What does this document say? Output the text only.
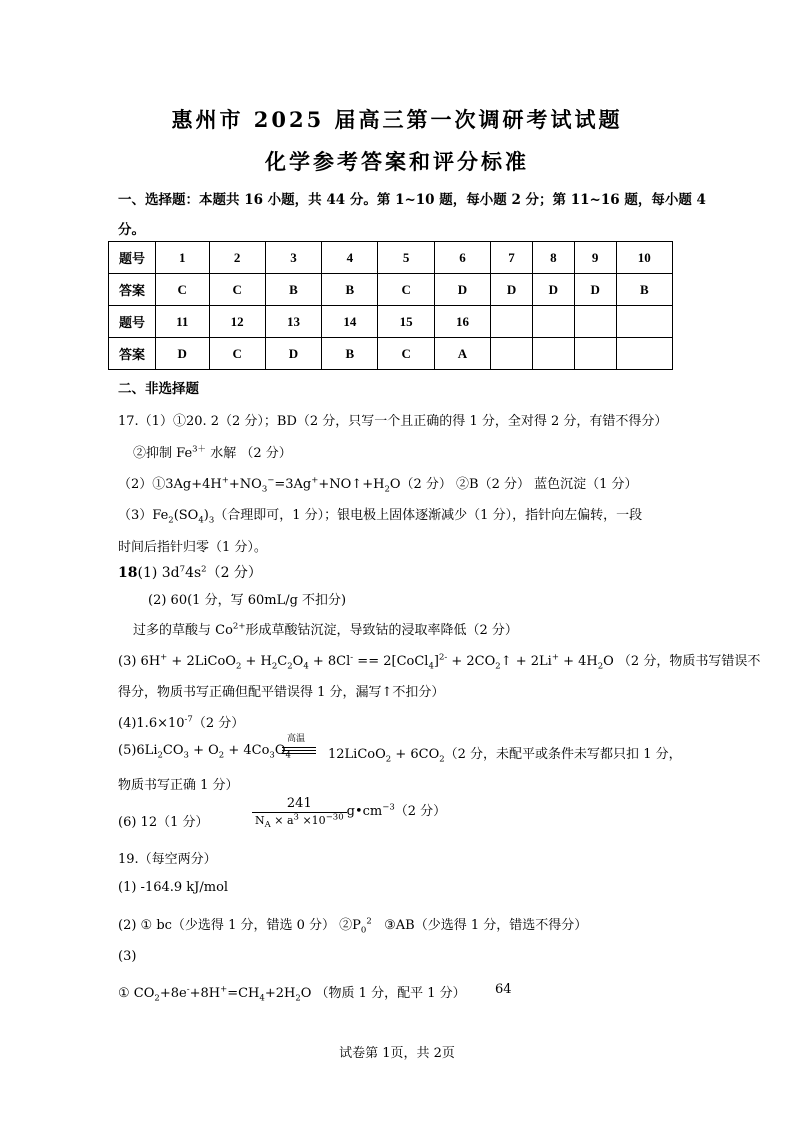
惠州市 2025 届高三第一次调研考试试题
化学参考答案和评分标准
一、选择题：本题共 16 小题，共 44 分。第 1~10 题，每小题 2 分；第 11~16 题，每小题 4
分。
题号	1	2	3	4	5	6	7	8	9	10
答案	C	C	B	B	C	D	D	D	D	B
题号	11	12	13	14	15	16				
答案	D	C	D	B	C	A				
二、非选择题
17.（1）①20. 2（2 分）；BD（2 分，只写一个且正确的得 1 分，全对得 2 分，有错不得分）
②抑制 $Fe^{3+}$ 水解 （2 分）
$(2)①3Ag+4H^++NO_3^-=3Ag^++NO↑+H_2O(2$ 分） ②B（2 分） 蓝色沉淀（1 分）
$(3)Fe_2(SO_4)_3$（合理即可，1 分）；银电极上固体逐渐减少（1 分），指针向左偏转，一段
时间后指针归零（1 分）。
18(1) $3d^74s^2(2$ 分）
(2) 60(1 分，写 60mL/g 不扣分)
过多的草酸与 $Co^{2+}$形成草酸钴沉淀，导致钴的浸取率降低（2 分）
(3) 6H+ + 2LiCoO$_2$ + $H_2C_2O_4 + 8Cl^-$ == 2[CoCl$_4$]$^{2-}$ + $2CO_2↑ + 2Li^+ + 4H_2O$ （2 分，物质书写错误不
得分，物质书写正确但配平错误得 1 分，漏写↑不扣分）
$(4)1.6\times 10^{-7}(2$ 分）
高温
$(5)6Li_2CO_3 + O_2 + 4Co_3O_4$	12LiCoO$_2$ + $6CO_2(2$ 分，未配平或条件未写都只扣 1 分，
物质书写正确 1 分）
(6) 12（1 分）	$\frac{241}{N_A \times a^3 \times 10^{-30}}$ $g•cm^{-3}(2$ 分）
19.（每空两分）
(1) -164.9 kJ/mol
(2) ① bc（少选得 1 分，错选 0 分） $②P_0^2$ ③AB（少选得 1 分，错选不得分）
(3)
① $CO_2+8e^-+8H^+=CH_4+2H_2O$ （物质 1 分，配平 1 分） 64
试卷第 1页，共 2页
